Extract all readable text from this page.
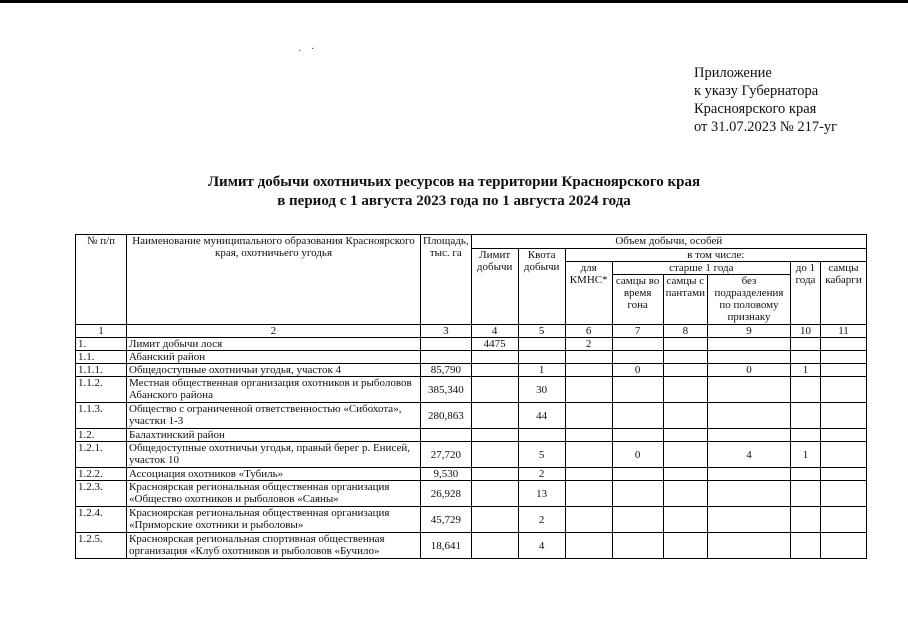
· ·
Приложение
к указу Губернатора
Красноярского края
от 31.07.2023 № 217-уг
Лимит добычи охотничьих ресурсов на территории Красноярского края
в период с 1 августа 2023 года по 1 августа 2024 года
№ п/п	Наименование муниципального образования Красноярского края, охотничьего угодья	Площадь, тыс. га	Объем добычи, особей							
			Лимит добычи	Квота добычи	в том числе:					
					для КМНС*	старше 1 года			до 1 года	самцы кабарги
						самцы во время гона	самцы с пантами	без подразделения по половому признаку		
1	2	3	4	5	6	7	8	9	10	11
1.	Лимит добычи лося		4475		2					
1.1.	Абанский район									
1.1.1.	Общедоступные охотничьи угодья, участок 4	85,790		1		0		0	1	
1.1.2.	Местная общественная организация охотников и рыболовов Абанского района	385,340		30						
1.1.3.	Общество с ограниченной ответственностью «Сибохота», участки 1-3	280,863		44						
1.2.	Балахтинский район									
1.2.1.	Общедоступные охотничьи угодья, правый берег р. Енисей, участок 10	27,720		5		0		4	1	
1.2.2.	Ассоциация охотников «Тубиль»	9,530		2						
1.2.3.	Красноярская региональная общественная организация «Общество охотников и рыболовов «Саяны»	26,928		13						
1.2.4.	Красноярская региональная общественная организация «Приморские охотники и рыболовы»	45,729		2						
1.2.5.	Красноярская региональная спортивная общественная организация «Клуб охотников и рыболовов «Бучило»	18,641		4						
